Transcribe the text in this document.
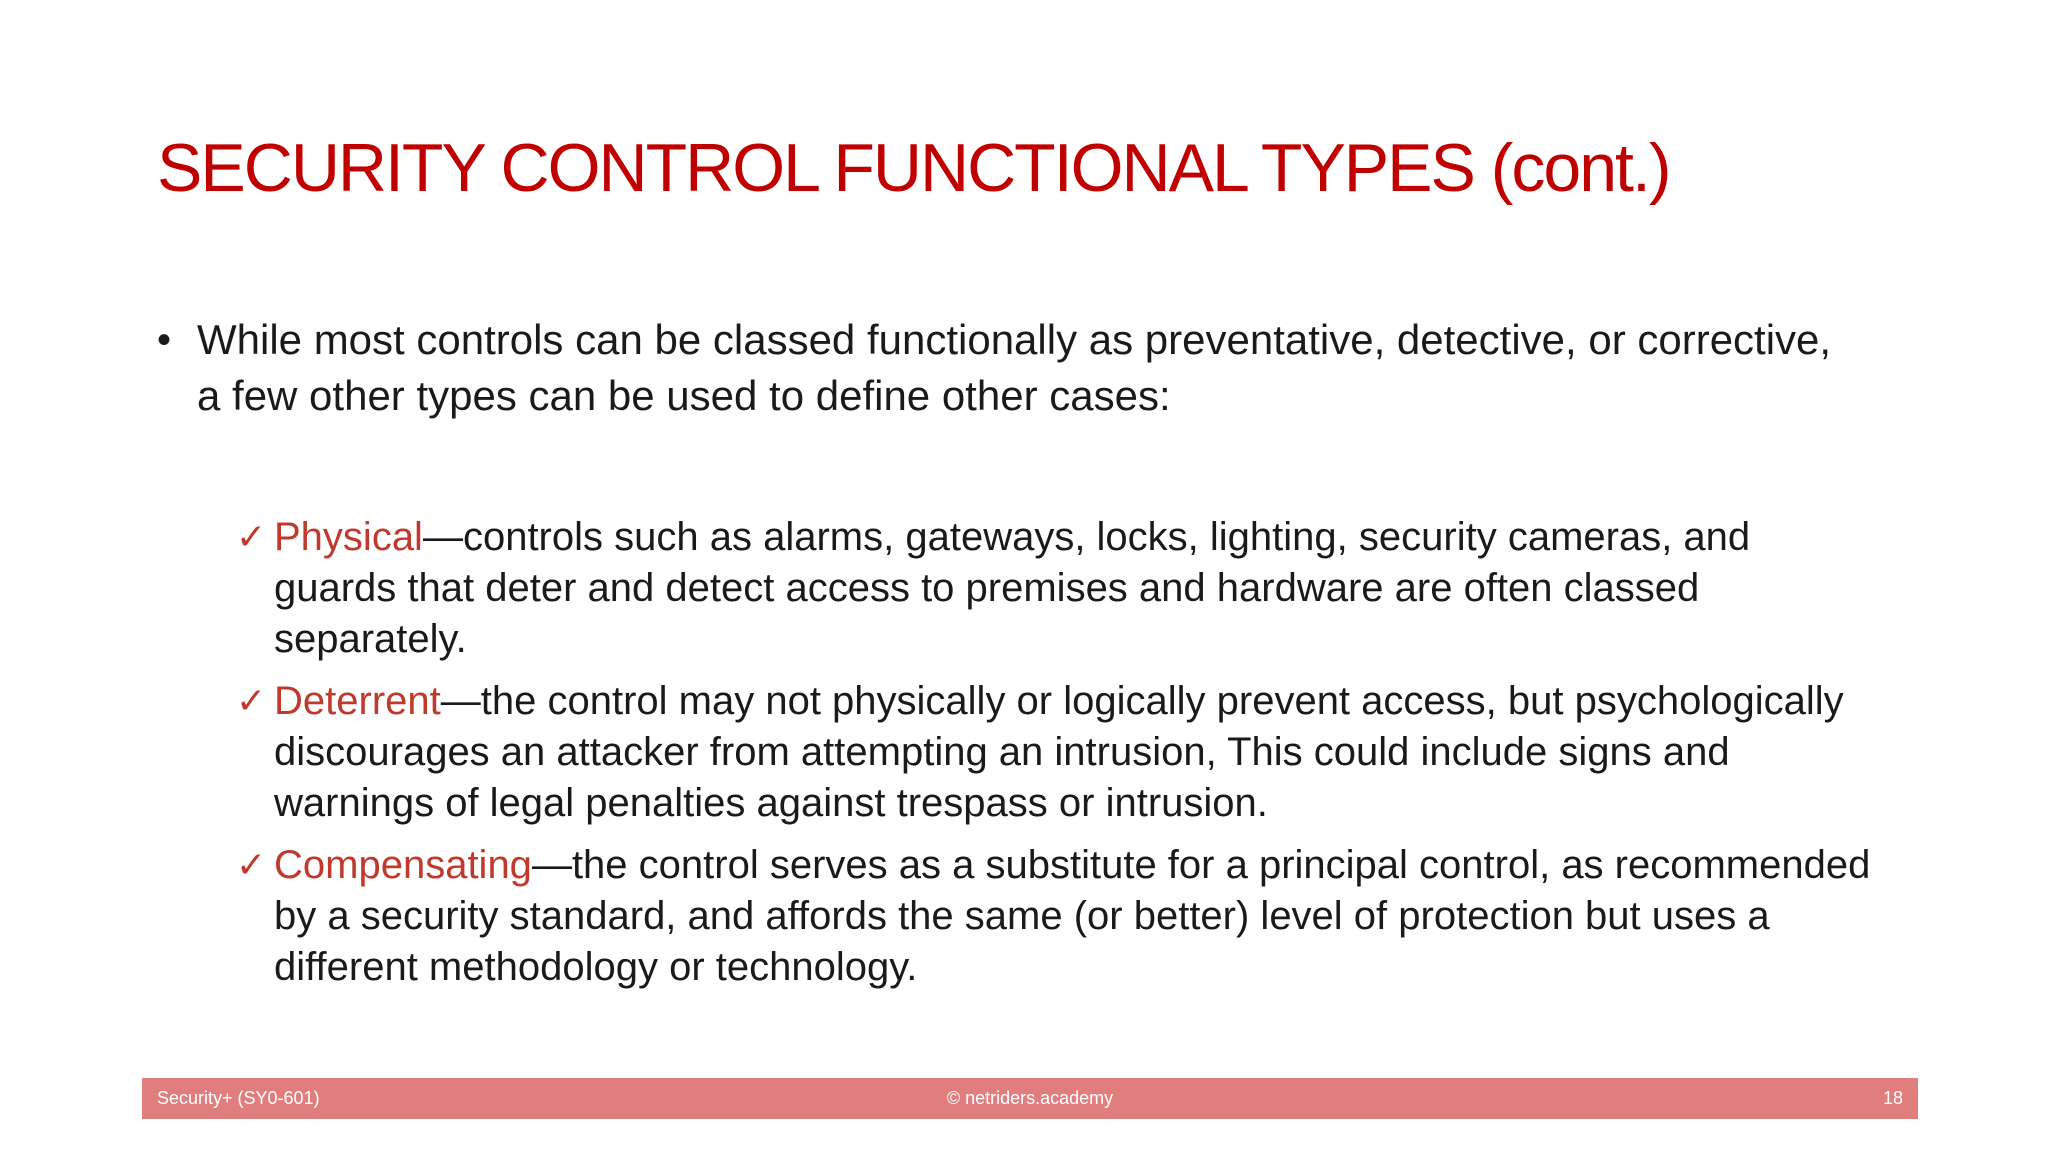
SECURITY CONTROL FUNCTIONAL TYPES (cont.)
• While most controls can be classed functionally as preventative, detective, or corrective, a few other types can be used to define other cases:
✓ Physical—controls such as alarms, gateways, locks, lighting, security cameras, and guards that deter and detect access to premises and hardware are often classed separately.
✓ Deterrent—the control may not physically or logically prevent access, but psychologically discourages an attacker from attempting an intrusion, This could include signs and warnings of legal penalties against trespass or intrusion.
✓ Compensating—the control serves as a substitute for a principal control, as recommended by a security standard, and affords the same (or better) level of protection but uses a different methodology or technology.
Security+ (SY0-601)	© netriders.academy	18
